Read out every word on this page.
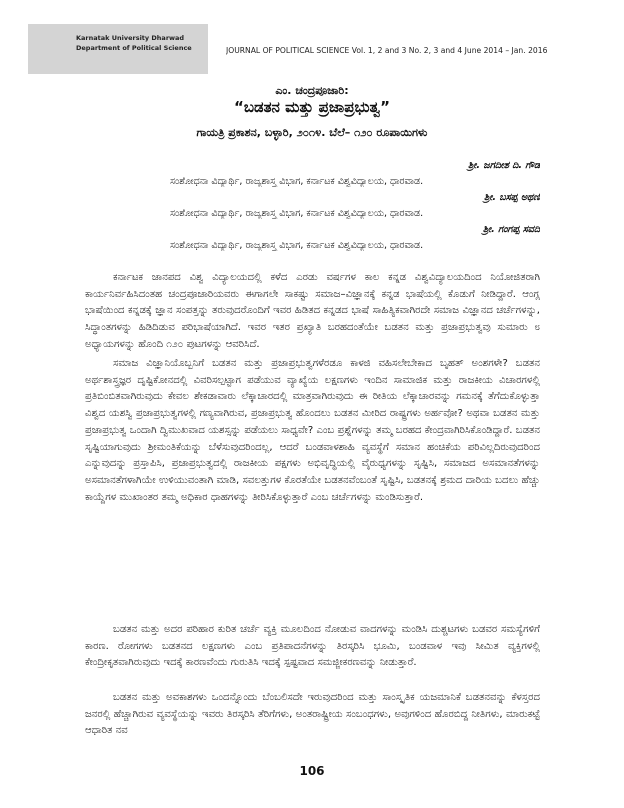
Karnatak University Dharwad
Department of Political Science	JOURNAL OF POLITICAL SCIENCE Vol. 1, 2 and 3 No. 2, 3 and 4 June 2014 – Jan. 2016
ಎಂ. ಚಂದ್ರಪೂಜಾರಿ:
“ಬಡತನ ಮತ್ತು ಪ್ರಜಾಪ್ರಭುತ್ವ”
ಗಾಯತ್ರಿ ಪ್ರಕಾಶನ, ಬಳ್ಳಾರಿ, ೨೦೧೪. ಬೆಲೆ– ೧೨೦ ರೂಪಾಯಿಗಳು
ಶ್ರೀ. ಜಗದೀಶ ದಿ. ಗೌಡ
ಸಂಶೋಧನಾ ವಿದ್ಯಾರ್ಥಿ, ರಾಜ್ಯಶಾಸ್ತ್ರ ವಿಭಾಗ, ಕರ್ನಾಟಕ ವಿಶ್ವವಿದ್ಯಾಲಯ, ಧಾರವಾಡ.
ಶ್ರೀ. ಬಸಪ್ಪ ಅಥಣಿ
ಸಂಶೋಧನಾ ವಿದ್ಯಾರ್ಥಿ, ರಾಜ್ಯಶಾಸ್ತ್ರ ವಿಭಾಗ, ಕರ್ನಾಟಕ ವಿಶ್ವವಿದ್ಯಾಲಯ, ಧಾರವಾಡ.
ಶ್ರೀ. ಗಂಗಪ್ಪ ಸವದಿ
ಸಂಶೋಧನಾ ವಿದ್ಯಾರ್ಥಿ, ರಾಜ್ಯಶಾಸ್ತ್ರ ವಿಭಾಗ, ಕರ್ನಾಟಕ ವಿಶ್ವವಿದ್ಯಾಲಯ, ಧಾರವಾಡ.

ಕರ್ನಾಟಕ ಜಾನಪದ ವಿಶ್ವ ವಿದ್ಯಾಲಯದಲ್ಲಿ ಕಳೆದ ಎರಡು ವರ್ಷಗಳ ಕಾಲ ಕನ್ನಡ ವಿಶ್ವವಿದ್ಯಾಲಯದಿಂದ ನಿಯೋಜಿತರಾಗಿ ಕಾರ್ಯನಿರ್ವಹಿಸಿದಂತಹ ಚಂದ್ರಪೂಜಾರಿಯವರು ಈಗಾಗಲೇ ಸಾಕಷ್ಟು ಸಮಾಜ–ವಿಜ್ಞಾನಕ್ಕೆ ಕನ್ನಡ ಭಾಷೆಯಲ್ಲಿ ಕೊಡುಗೆ ನೀಡಿದ್ದಾರೆ. ಆಂಗ್ಲ ಭಾಷೆಯಿಂದ ಕನ್ನಡಕ್ಕೆ ಜ್ಞಾನ ಸಂಪತ್ತನ್ನು ತರುವುದರೊಂದಿಗೆ ಇವರ ಹಿಡಿತದ ಕನ್ನಡದ ಭಾಷೆ ಸಾಹಿತ್ಯಿಕವಾಗಿರದೇ ಸಮಾಜ ವಿಜ್ಞಾನದ ಚರ್ಚೆಗಳನ್ನು, ಸಿದ್ಧಾಂತಗಳನ್ನು ಹಿಡಿದಿಡುವ ಪರಿಭಾಷೆಯಾಗಿದೆ. ಇವರ ಇತರ ಪ್ರಖ್ಯಾತಿ ಬರಹದಂತೆಯೇ ಬಡತನ ಮತ್ತು ಪ್ರಜಾಪ್ರಭುತ್ವವು ಸುಮಾರು ೮ ಅಧ್ಯಾಯಗಳನ್ನು ಹೊಂದಿ ೧೨೦ ಪುಟಗಳನ್ನು ಆವರಿಸಿದೆ.

ಸಮಾಜ ವಿಜ್ಞಾನಿಯೊಬ್ಬನಿಗೆ ಬಡತನ ಮತ್ತು ಪ್ರಜಾಪ್ರಭುತ್ವಗಳೆರಡೂ ಕಾಳಜಿ ವಹಿಸಲೇಬೇಕಾದ ಬೃಹತ್ ಅಂಶಗಳೇ? ಬಡತನ ಅರ್ಥಶಾಸ್ತ್ರಜ್ಞರ ದೃಷ್ಟಿಕೋನದಲ್ಲಿ ವಿವರಿಸಲ್ಪಟ್ಟಾಗ ಪಡೆಯುವ ವ್ಯಾಖ್ಯೆಯ ಲಕ್ಷಣಗಳು ಇಂದಿನ ಸಾಮಾಜಿಕ ಮತ್ತು ರಾಜಕೀಯ ವಿಚಾರಗಳಲ್ಲಿ ಪ್ರತಿಬಿಂಬಿತವಾಗಿರುವುದು ಕೇವಲ ಶೇಕಡಾವಾರು ಲೆಕ್ಕಾಚಾರದಲ್ಲಿ ಮಾತ್ರವಾಗಿರುವುದು ಈ ರೀತಿಯ ಲೆಕ್ಕಾಚಾರವನ್ನು ಗಮನಕ್ಕೆ ತೆಗೆದುಕೊಳ್ಳುತ್ತಾ ವಿಶ್ವದ ಯಶಸ್ವಿ ಪ್ರಜಾಪ್ರಭುತ್ವಗಳಲ್ಲಿ ಗಣ್ಯವಾಗಿರುವ, ಪ್ರಜಾಪ್ರಭುತ್ವ ಹೊಂದಲು ಬಡತನ ಮೀರಿದ ರಾಷ್ಟ್ರಗಳು ಅರ್ಹವೋ? ಅಥವಾ ಬಡತನ ಮತ್ತು ಪ್ರಜಾಪ್ರಭುತ್ವ ಒಂದಾಗಿ ದ್ವಿಮುಖವಾದ ಯಶಸ್ಸನ್ನು ಪಡೆಯಲು ಸಾಧ್ಯವೇ? ಎಂಬ ಪ್ರಶ್ನೆಗಳನ್ನು ತಮ್ಮ ಬರಹದ ಕೇಂದ್ರವಾಗಿರಿಸಿಕೊಂಡಿದ್ದಾರೆ. ಬಡತನ ಸೃಷ್ಟಿಯಾಗುವುದು ಶ್ರೀಮಂತಿಕೆಯನ್ನು ಬೆಳೆಸುವುದರಿಂದಲ್ಲ, ಆದರೆ ಬಂಡವಾಳಶಾಹಿ ವ್ಯವಸ್ಥೆಗೆ ಸಮಾನ ಹಂಚಿಕೆಯ ಪರಿವಿಲ್ಲದಿರುವುದರಿಂದ ಎನ್ನುವುದನ್ನು ಪ್ರಸ್ತಾಪಿಸಿ, ಪ್ರಜಾಪ್ರಭುತ್ವದಲ್ಲಿ ರಾಜಕೀಯ ಪಕ್ಷಗಳು ಅಭಿವೃದ್ಧಿಯಲ್ಲಿ ವೈರುಧ್ಯಗಳನ್ನು ಸೃಷ್ಟಿಸಿ, ಸಮಾಜದ ಅಸಮಾನತೆಗಳನ್ನು ಅಸಮಾನತೆಗಳಾಗಿಯೇ ಉಳಿಯುವಂತಾಗಿ ಮಾಡಿ, ಸವಲತ್ತುಗಳ ಕೊರತೆಯೇ ಬಡತನವೆಂಬಂತೆ ಸೃಷ್ಟಿಸಿ, ಬಡತನಕ್ಕೆ ಶ್ರಮದ ದಾರಿಯ ಬದಲು ಹೆಚ್ಚು ಕಾಯ್ದೆಗಳ ಮುಖಾಂತರ ತಮ್ಮ ಅಧಿಕಾರ ಧಾಹಗಳನ್ನು ತೀರಿಸಿಕೊಳ್ಳುತ್ತಾರೆ ಎಂಬ ಚರ್ಚೆಗಳನ್ನು ಮಂಡಿಸುತ್ತಾರೆ.

ಬಡತನ ಮತ್ತು ಅದರ ಪರಿಹಾರ ಕುರಿತ ಚರ್ಚೆ ವ್ಯಕ್ತಿ ಮೂಲದಿಂದ ನೋಡುವ ವಾದಗಳನ್ನು ಮಂಡಿಸಿ ದುಶ್ಚಟಗಳು ಬಡವರ ಸಮಸ್ಯೆಗಳಿಗೆ ಕಾರಣ. ರೋಗಗಳು ಬಡತನದ ಲಕ್ಷಣಗಳು ಎಂಬ ಪ್ರತಿಪಾದನೆಗಳನ್ನು ತಿರಸ್ಕರಿಸಿ ಭೂಮಿ, ಬಂಡವಾಳ ಇವು ಸೀಮಿತ ವ್ಯಕ್ತಿಗಳಲ್ಲಿ ಕೇಂದ್ರೀಕೃತವಾಗಿರುವುದು ಇದಕ್ಕೆ ಕಾರಣವೆಂದು ಗುರುತಿಸಿ ಇದಕ್ಕೆ ಸ್ಪಷ್ಟವಾದ ಸಮಜ್ಜೀಕರಣವನ್ನು ನೀಡುತ್ತಾರೆ.

ಬಡತನ ಮತ್ತು ಅವಕಾಶಗಳು ಒಂದನ್ನೊಂದು ಬೆಂಬಲಿಸದೇ ಇರುವುದರಿಂದ ಮತ್ತು ಸಾಂಸ್ಕೃತಿಕ ಯಜಮಾನಿಕೆ ಬಡತನವನ್ನು ಕೆಳಸ್ತರದ ಜನರಲ್ಲಿ ಹೆಚ್ಚಾಗಿರುವ ವ್ಯವಸ್ಥೆಯನ್ನು ಇವರು ತಿರಸ್ಕರಿಸಿ ತೆರಿಗೆಗಳು, ಅಂತರಾಷ್ಟ್ರೀಯ ಸಂಬಂಧಗಳು, ಅವುಗಳಿಂದ ಹೊರಬಿದ್ದ ನೀತಿಗಳು, ಮಾರುಕಟ್ಟೆ ಆಧಾರಿತ ನವ

106
